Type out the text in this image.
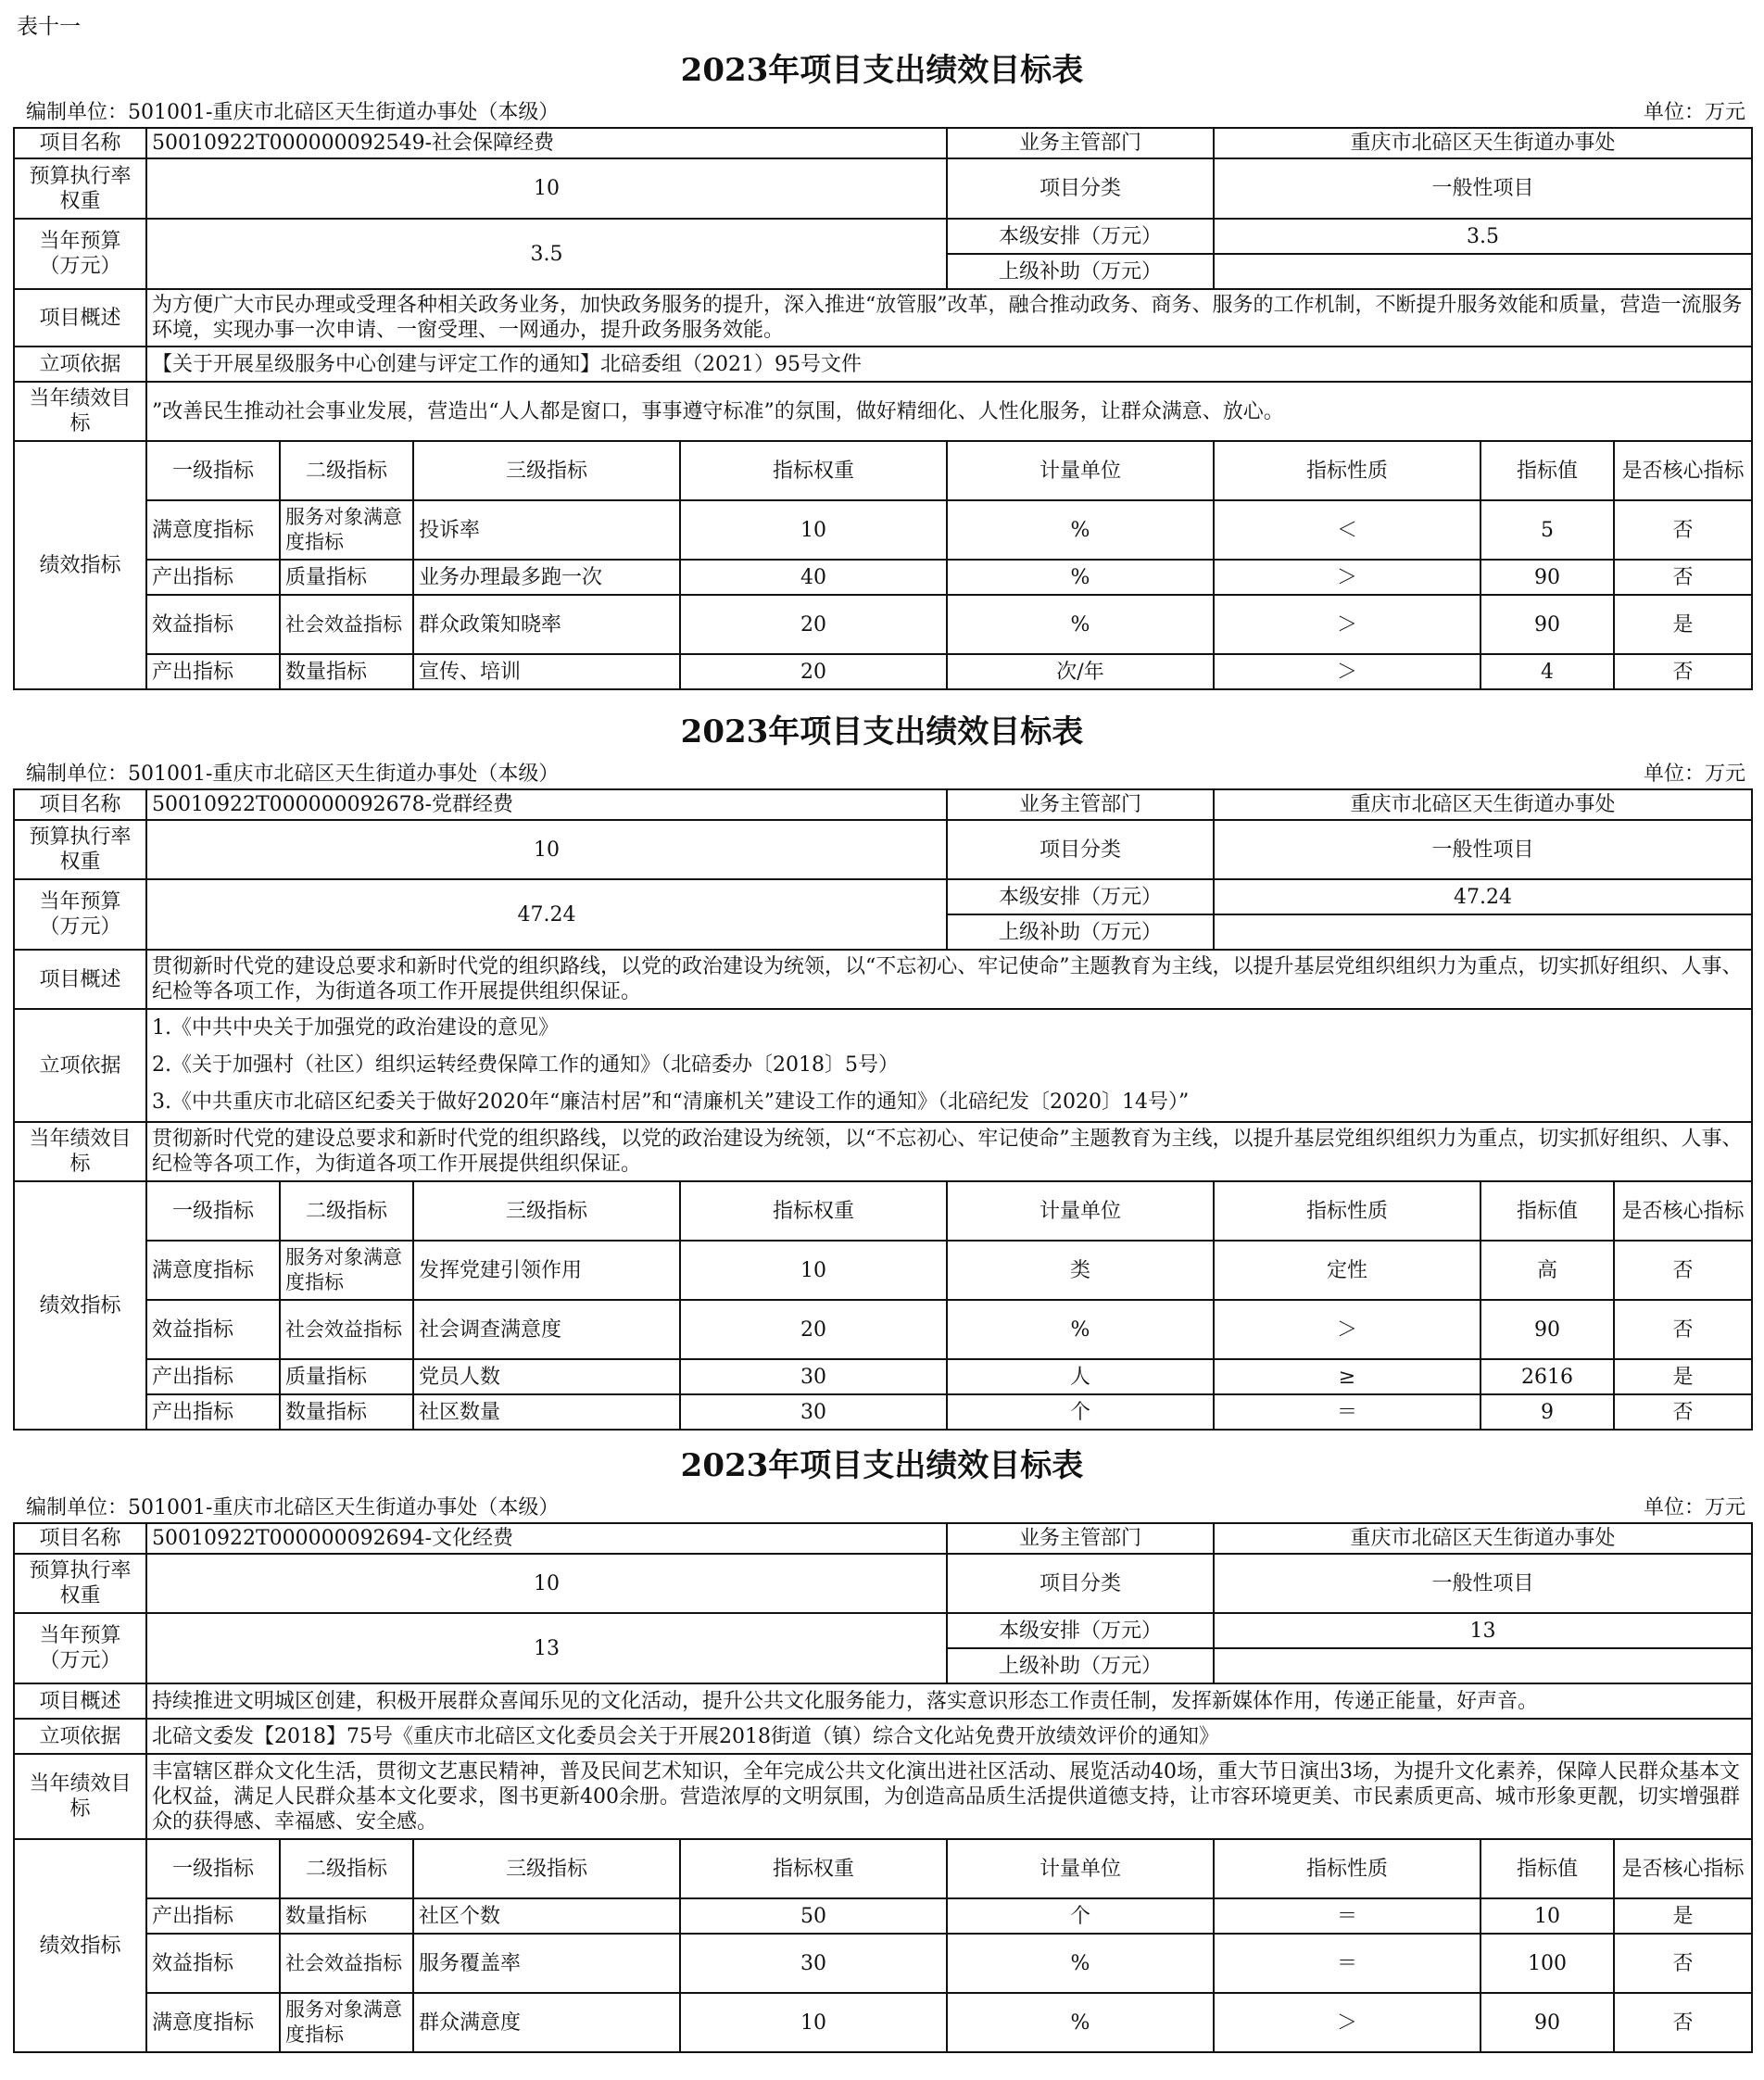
表十一
2023年项目支出绩效目标表
编制单位：501001-重庆市北碚区天生街道办事处（本级）	单位：万元
项目名称	50010922T000000092549-社会保障经费				业务主管部门	重庆市北碚区天生街道办事处		
预算执行率权重	10				项目分类	一般性项目		
当年预算（万元）	3.5				本级安排（万元）	3.5		
					上级补助（万元）			
项目概述	为方便广大市民办理或受理各种相关政务业务，加快政务服务的提升，深入推进“放管服”改革，融合推动政务、商务、服务的工作机制，不断提升服务效能和质量，营造一流服务环境，实现办事一次申请、一窗受理、一网通办，提升政务服务效能。							
立项依据	【关于开展星级服务中心创建与评定工作的通知】北碚委组（2021）95号文件							
当年绩效目标	”改善民生推动社会事业发展，营造出“人人都是窗口，事事遵守标准”的氛围，做好精细化、人性化服务，让群众满意、放心。							
绩效指标	一级指标	二级指标	三级指标	指标权重	计量单位	指标性质	指标值	是否核心指标
	满意度指标	服务对象满意度指标	投诉率	10	%	＜	5	否
	产出指标	质量指标	业务办理最多跑一次	40	%	＞	90	否
	效益指标	社会效益指标	群众政策知晓率	20	%	＞	90	是
	产出指标	数量指标	宣传、培训	20	次/年	＞	4	否
2023年项目支出绩效目标表
编制单位：501001-重庆市北碚区天生街道办事处（本级）	单位：万元
项目名称	50010922T000000092678-党群经费				业务主管部门	重庆市北碚区天生街道办事处		
预算执行率权重	10				项目分类	一般性项目		
当年预算（万元）	47.24				本级安排（万元）	47.24		
					上级补助（万元）			
项目概述	贯彻新时代党的建设总要求和新时代党的组织路线，以党的政治建设为统领，以“不忘初心、牢记使命”主题教育为主线，以提升基层党组织组织力为重点，切实抓好组织、人事、纪检等各项工作，为街道各项工作开展提供组织保证。							
立项依据	1.《中共中央关于加强党的政治建设的意见》
2.《关于加强村（社区）组织运转经费保障工作的通知》（北碚委办〔2018〕5号）
3.《中共重庆市北碚区纪委关于做好2020年“廉洁村居”和“清廉机关”建设工作的通知》（北碚纪发〔2020〕14号）”							

当年绩效目标	贯彻新时代党的建设总要求和新时代党的组织路线，以党的政治建设为统领，以“不忘初心、牢记使命”主题教育为主线，以提升基层党组织组织力为重点，切实抓好组织、人事、纪检等各项工作，为街道各项工作开展提供组织保证。							
绩效指标	一级指标	二级指标	三级指标	指标权重	计量单位	指标性质	指标值	是否核心指标
	满意度指标	服务对象满意度指标	发挥党建引领作用	10	类	定性	高	否
	效益指标	社会效益指标	社会调查满意度	20	%	＞	90	否
	产出指标	质量指标	党员人数	30	人	≥	2616	是
	产出指标	数量指标	社区数量	30	个	＝	9	否
2023年项目支出绩效目标表
编制单位：501001-重庆市北碚区天生街道办事处（本级）	单位：万元
项目名称	50010922T000000092694-文化经费				业务主管部门	重庆市北碚区天生街道办事处		
预算执行率权重	10				项目分类	一般性项目		
当年预算（万元）	13				本级安排（万元）	13		
					上级补助（万元）			
项目概述	持续推进文明城区创建，积极开展群众喜闻乐见的文化活动，提升公共文化服务能力，落实意识形态工作责任制，发挥新媒体作用，传递正能量，好声音。							
立项依据	北碚文委发【2018】75号《重庆市北碚区文化委员会关于开展2018街道（镇）综合文化站免费开放绩效评价的通知》							
当年绩效目标	丰富辖区群众文化生活，贯彻文艺惠民精神，普及民间艺术知识，全年完成公共文化演出进社区活动、展览活动40场，重大节日演出3场，为提升文化素养，保障人民群众基本文化权益，满足人民群众基本文化要求，图书更新400余册。营造浓厚的文明氛围，为创造高品质生活提供道德支持，让市容环境更美、市民素质更高、城市形象更靓，切实增强群众的获得感、幸福感、安全感。							
绩效指标	一级指标	二级指标	三级指标	指标权重	计量单位	指标性质	指标值	是否核心指标
	产出指标	数量指标	社区个数	50	个	＝	10	是
	效益指标	社会效益指标	服务覆盖率	30	%	＝	100	否
	满意度指标	服务对象满意度指标	群众满意度	10	%	＞	90	否
